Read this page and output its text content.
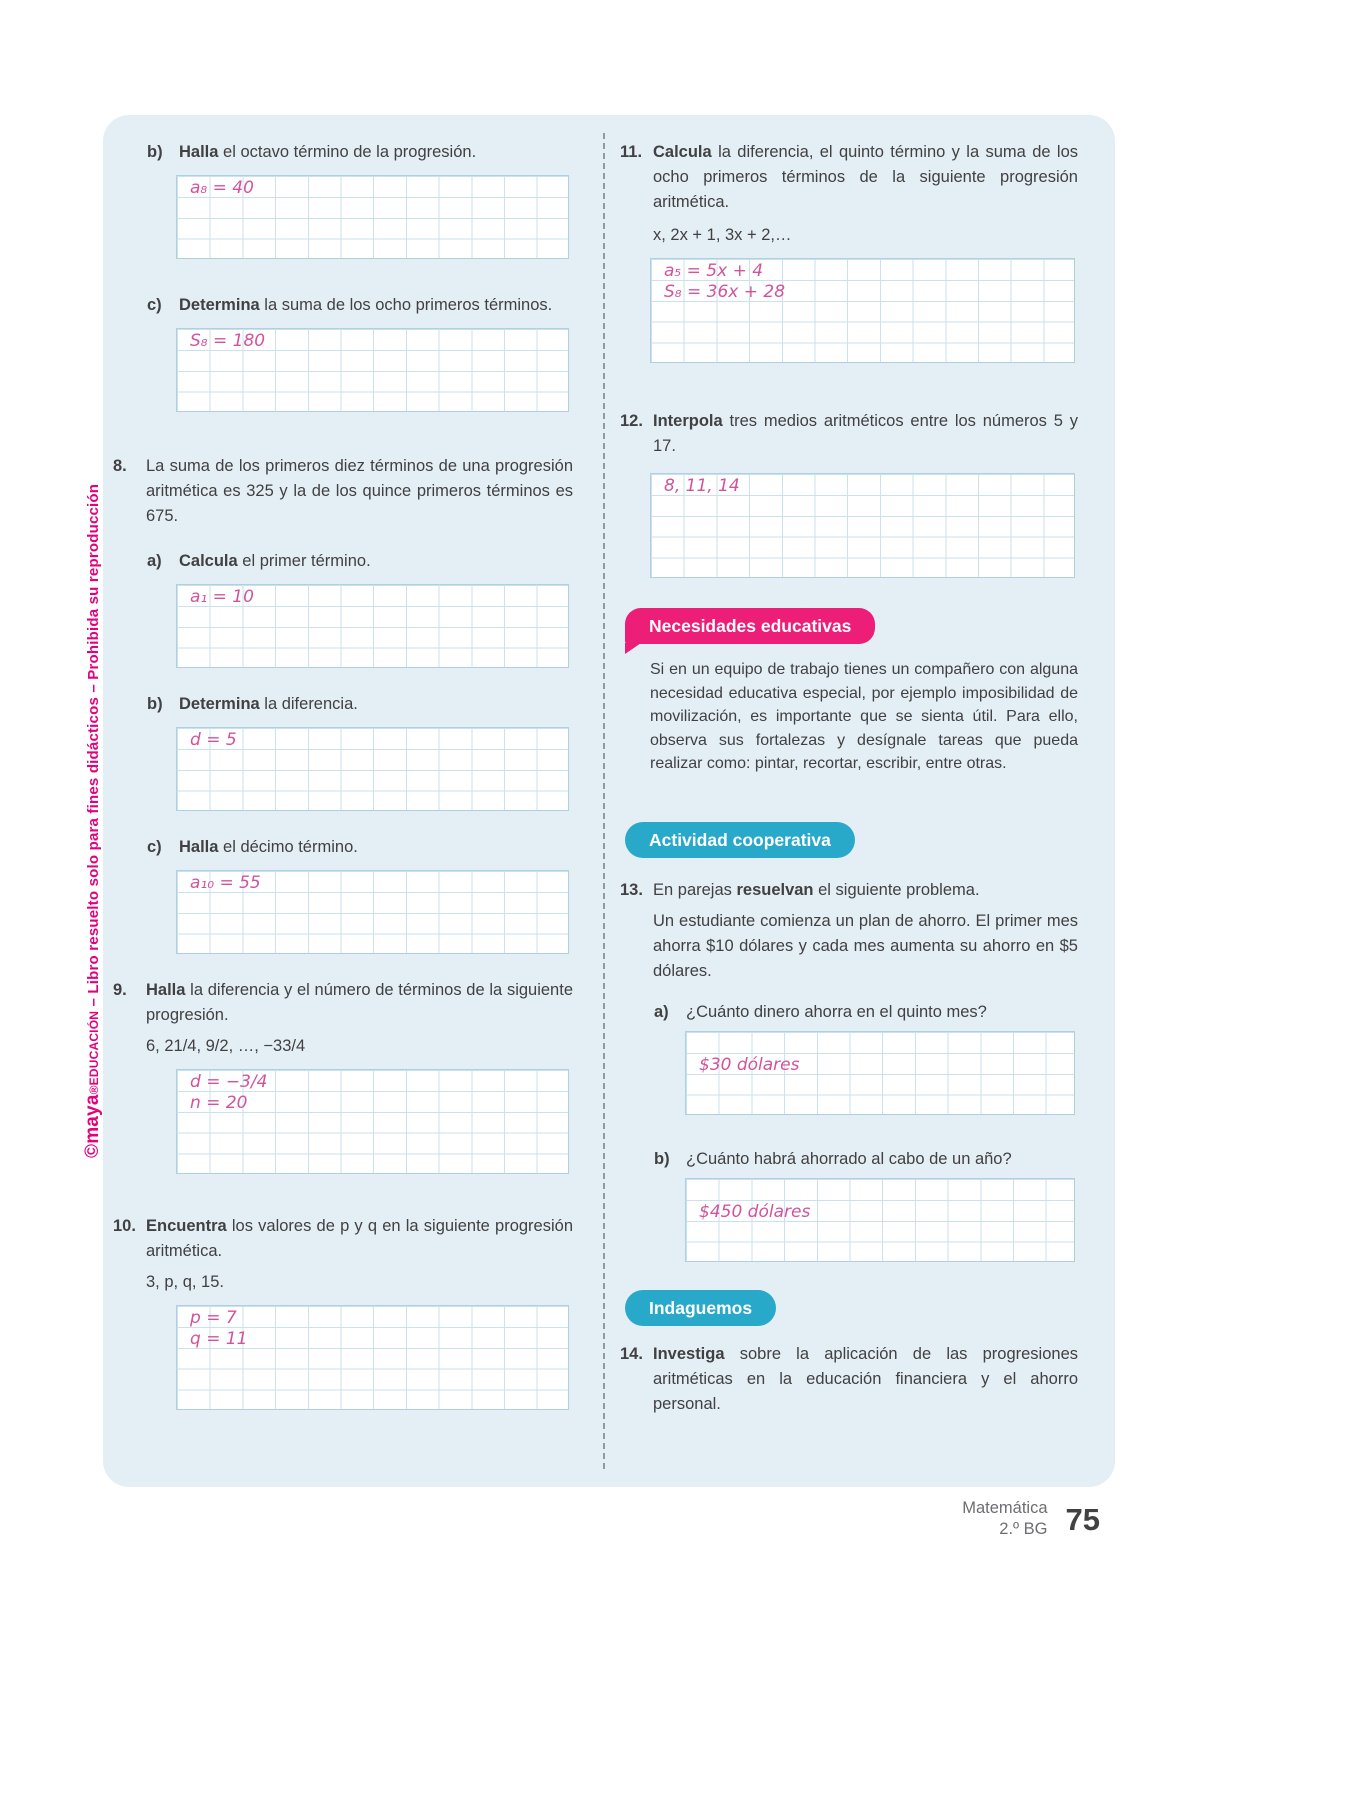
©maya®EDUCACIÓN – Libro resuelto solo para fines didácticos – Prohibida su reproducción
b) Halla el octavo término de la progresión.
a₈ = 40
c)	Determina la suma de los ocho primeros términos.
S₈ = 180
8.	La suma de los primeros diez términos de una progresión aritmética es 325 y la de los quince primeros términos es 675.
a)	Calcula el primer término.
a₁ = 10
b) Determina la diferencia.
d = 5
c)	Halla el décimo término.
a₁₀ = 55
9.	Halla la diferencia y el número de términos de la siguiente progresión.
6, 21/4, 9/2, …, −33/4
d = −3/4
n = 20
10. Encuentra los valores de p y q en la siguiente progresión aritmética.
3, p, q, 15.
p = 7
q = 11
11. Calcula la diferencia, el quinto término y la suma de los ocho primeros términos de la siguiente progresión aritmética.
x, 2x + 1, 3x + 2,…
a₅ = 5x + 4
S₈ = 36x + 28
12. Interpola tres medios aritméticos entre los números 5 y 17.
8, 11, 14
Necesidades educativas
Si en un equipo de trabajo tienes un compañero con alguna necesidad educativa especial, por ejemplo imposibilidad de movilización, es importante que se sienta útil. Para ello, observa sus fortalezas y desígnale tareas que pueda realizar como: pintar, recortar, escribir, entre otras.
Actividad cooperativa
13. En parejas resuelvan el siguiente problema.
Un estudiante comienza un plan de ahorro. El primer mes ahorra $10 dólares y cada mes aumenta su ahorro en $5 dólares.
a)	¿Cuánto dinero ahorra en el quinto mes?
$30 dólares
b) ¿Cuánto habrá ahorrado al cabo de un año?
$450 dólares
Indaguemos
14. Investiga sobre la aplicación de las progresiones aritméticas en la educación financiera y el ahorro personal.
Matemática
2.º BG 75
